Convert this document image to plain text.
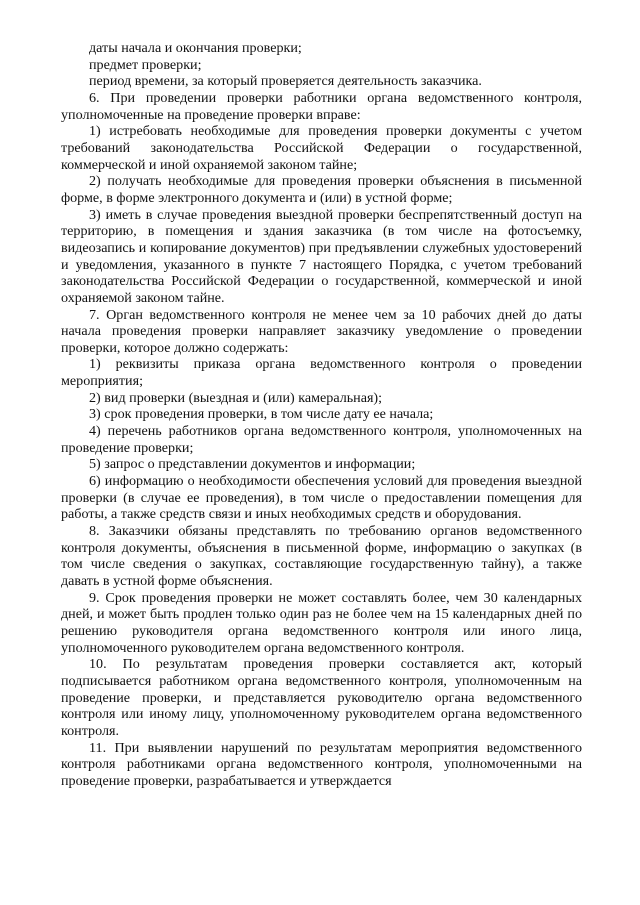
даты начала и окончания проверки;

предмет проверки;

период времени, за который проверяется деятельность заказчика.

6. При проведении проверки работники органа ведомственного контроля, уполномоченные на проведение проверки вправе:

1) истребовать необходимые для проведения проверки документы с учетом требований законодательства Российской Федерации о государственной, коммерческой и иной охраняемой законом тайне;

2) получать необходимые для проведения проверки объяснения в письменной форме, в форме электронного документа и (или) в устной форме;

3) иметь в случае проведения выездной проверки беспрепятственный доступ на территорию, в помещения и здания заказчика (в том числе на фотосъемку, видеозапись и копирование документов) при предъявлении служебных удостоверений и уведомления, указанного в пункте 7 настоящего Порядка, с учетом требований законодательства Российской Федерации о государственной, коммерческой и иной охраняемой законом тайне.

7. Орган ведомственного контроля не менее чем за 10 рабочих дней до даты начала проведения проверки направляет заказчику уведомление о проведении проверки, которое должно содержать:

1) реквизиты приказа органа ведомственного контроля о проведении мероприятия;

2) вид проверки (выездная и (или) камеральная);

3) срок проведения проверки, в том числе дату ее начала;

4) перечень работников органа ведомственного контроля, уполномоченных на проведение проверки;

5) запрос о представлении документов и информации;

6) информацию о необходимости обеспечения условий для проведения выездной проверки (в случае ее проведения), в том числе о предоставлении помещения для работы, а также средств связи и иных необходимых средств и оборудования.

8. Заказчики обязаны представлять по требованию органов ведомственного контроля документы, объяснения в письменной форме, информацию о закупках (в том числе сведения о закупках, составляющие государственную тайну), а также давать в устной форме объяснения.

9. Срок проведения проверки не может составлять более, чем 30 календарных дней, и может быть продлен только один раз не более чем на 15 календарных дней по решению руководителя органа ведомственного контроля или иного лица, уполномоченного руководителем органа ведомственного контроля.

10. По результатам проведения проверки составляется акт, который подписывается работником органа ведомственного контроля, уполномоченным на проведение проверки, и представляется руководителю органа ведомственного контроля или иному лицу, уполномоченному руководителем органа ведомственного контроля.

11. При выявлении нарушений по результатам мероприятия ведомственного контроля работниками органа ведомственного контроля, уполномоченными на проведение проверки, разрабатывается и утверждается
